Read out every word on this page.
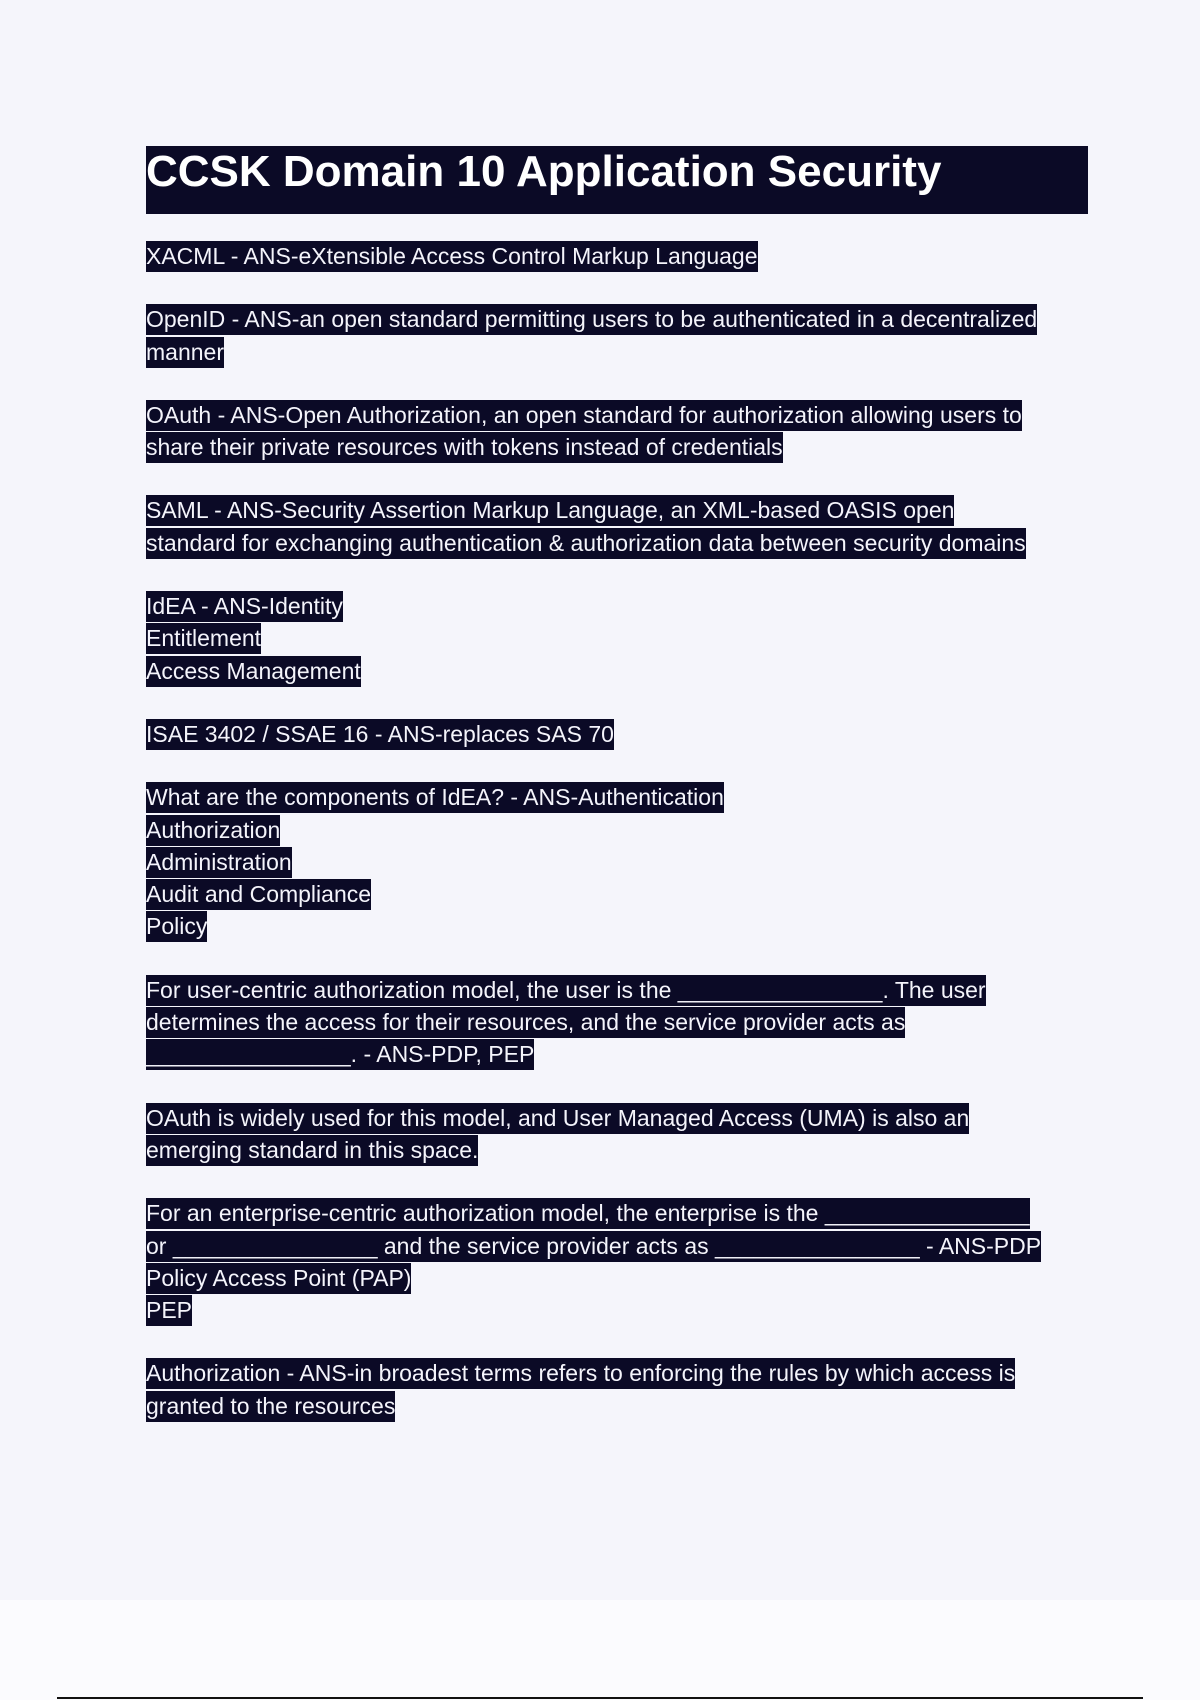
CCSK Domain 10 Application Security
XACML - ANS-eXtensible Access Control Markup Language
OpenID - ANS-an open standard permitting users to be authenticated in a decentralized
manner
OAuth - ANS-Open Authorization, an open standard for authorization allowing users to
share their private resources with tokens instead of credentials
SAML - ANS-Security Assertion Markup Language, an XML-based OASIS open
standard for exchanging authentication & authorization data between security domains
IdEA - ANS-Identity
Entitlement
Access Management
ISAE 3402 / SSAE 16 - ANS-replaces SAS 70
What are the components of IdEA? - ANS-Authentication
Authorization
Administration
Audit and Compliance
Policy
For user-centric authorization model, the user is the ________________. The user
determines the access for their resources, and the service provider acts as
________________. - ANS-PDP, PEP
OAuth is widely used for this model, and User Managed Access (UMA) is also an
emerging standard in this space.
For an enterprise-centric authorization model, the enterprise is the ________________
or ________________ and the service provider acts as ________________ - ANS-PDP
Policy Access Point (PAP)
PEP
Authorization - ANS-in broadest terms refers to enforcing the rules by which access is
granted to the resources
